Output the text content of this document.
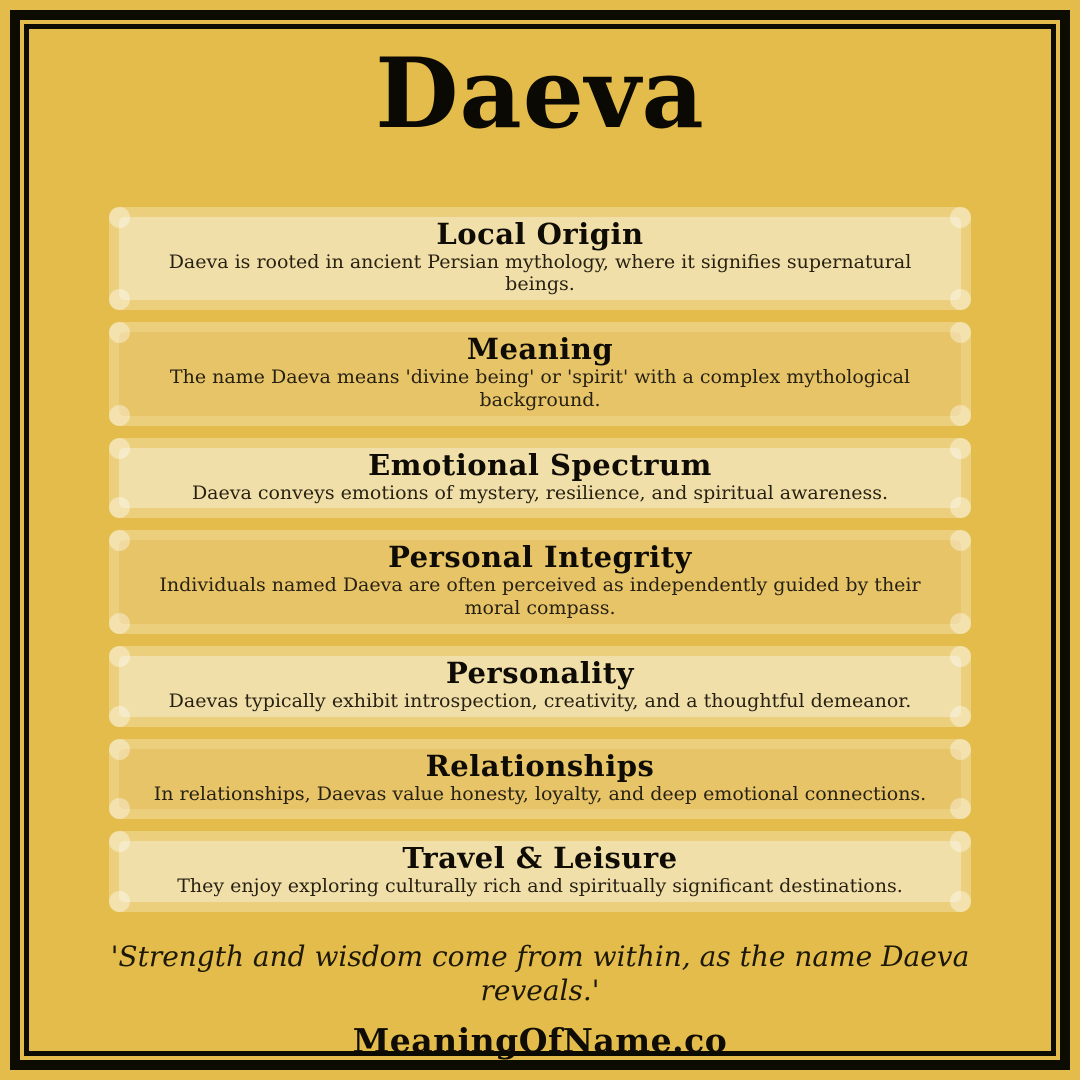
Daeva
Local Origin

Daeva is rooted in ancient Persian mythology, where it signifies supernatural beings.

Meaning

The name Daeva means 'divine being' or 'spirit' with a complex mythological background.

Emotional Spectrum

Daeva conveys emotions of mystery, resilience, and spiritual awareness.

Personal Integrity

Individuals named Daeva are often perceived as independently guided by their moral compass.

Personality

Daevas typically exhibit introspection, creativity, and a thoughtful demeanor.

Relationships

In relationships, Daevas value honesty, loyalty, and deep emotional connections.

Travel & Leisure

They enjoy exploring culturally rich and spiritually significant destinations.

'Strength and wisdom come from within, as the name Daeva reveals.'
MeaningOfName.co
